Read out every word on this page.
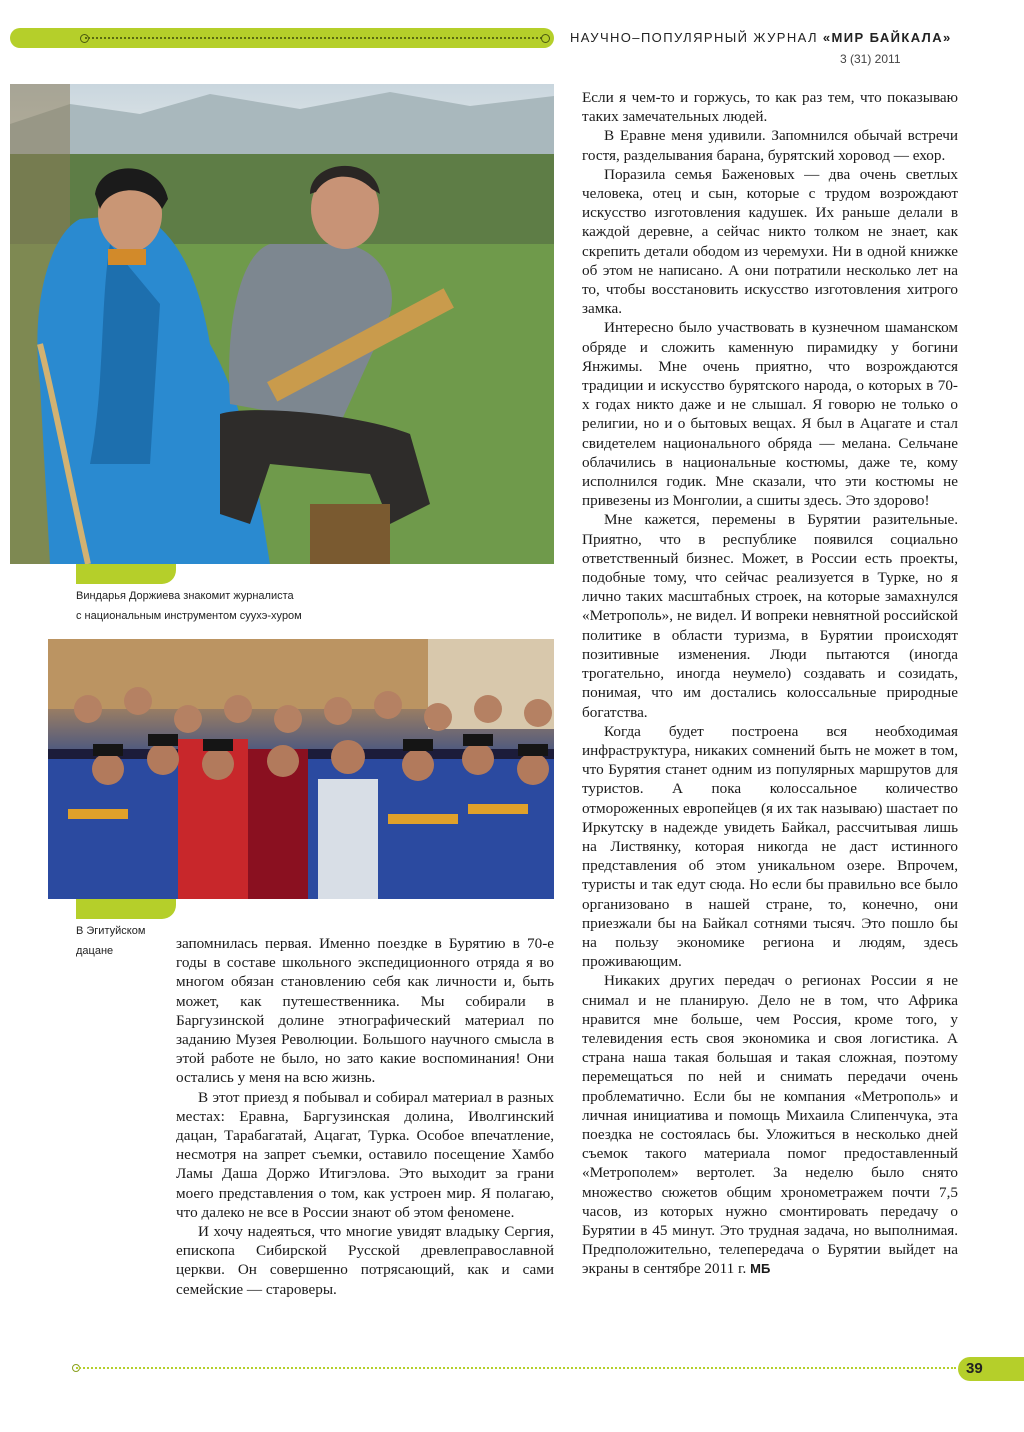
НАУЧНО–ПОПУЛЯРНЫЙ ЖУРНАЛ «МИР БАЙКАЛА»
3 (31) 2011
Виндарья Доржиева знакомит журналиста
с национальным инструментом суухэ-хуром
В Эгитуйском
дацане	запомнилась первая. Именно поездке в Бурятию в 70-е годы в составе школьного экспедиционного отряда я во многом обязан становлению себя как личности и, быть может, как путешественника. Мы собирали в Баргузинской долине этнографический материал по заданию Музея Революции. Большого научного смысла в этой работе не было, но зато какие воспоминания! Они остались у меня на всю жизнь.

В этот приезд я побывал и собирал материал в разных местах: Еравна, Баргузинская долина, Иволгинский дацан, Тарабагатай, Ацагат, Турка. Особое впечатление, несмотря на запрет съемки, оставило посещение Хамбо Ламы Даша Доржо Итигэлова. Это выходит за грани моего представления о том, как устроен мир. Я полагаю, что далеко не все в России знают об этом феномене.

И хочу надеяться, что многие увидят владыку Сергия, епископа Сибирской Русской древлеправославной церкви. Он совершенно потрясающий, как и сами семейские — староверы.

Если я чем-то и горжусь, то как раз тем, что показываю таких замечательных людей.

В Еравне меня удивили. Запомнился обычай встречи гостя, разделывания барана, бурятский хоровод — ехор.

Поразила семья Баженовых — два очень светлых человека, отец и сын, которые с трудом возрождают искусство изготовления кадушек. Их раньше делали в каждой деревне, а сейчас никто толком не знает, как скрепить детали ободом из черемухи. Ни в одной книжке об этом не написано. А они потратили несколько лет на то, чтобы восстановить искусство изготовления хитрого замка.

Интересно было участвовать в кузнечном шаманском обряде и сложить каменную пирамидку у богини Янжимы. Мне очень приятно, что возрождаются традиции и искусство бурятского народа, о которых в 70-х годах никто даже и не слышал. Я говорю не только о религии, но и о бытовых вещах. Я был в Ацагате и стал свидетелем национального обряда — мелана. Сельчане облачились в национальные костюмы, даже те, кому исполнился годик. Мне сказали, что эти костюмы не привезены из Монголии, а сшиты здесь. Это здорово!

Мне кажется, перемены в Бурятии разительные. Приятно, что в республике появился социально ответственный бизнес. Может, в России есть проекты, подобные тому, что сейчас реализуется в Турке, но я лично таких масштабных строек, на которые замахнулся «Метрополь», не видел. И вопреки невнятной российской политике в области туризма, в Бурятии происходят позитивные изменения. Люди пытаются (иногда трогательно, иногда неумело) создавать и созидать, понимая, что им достались колоссальные природные богатства.

Когда будет построена вся необходимая инфраструктура, никаких сомнений быть не может в том, что Бурятия станет одним из популярных маршрутов для туристов. А пока колоссальное количество отмороженных европейцев (я их так называю) шастает по Иркутску в надежде увидеть Байкал, рассчитывая лишь на Листвянку, которая никогда не даст истинного представления об этом уникальном озере. Впрочем, туристы и так едут сюда. Но если бы правильно все было организовано в нашей стране, то, конечно, они приезжали бы на Байкал сотнями тысяч. Это пошло бы на пользу экономике региона и людям, здесь проживающим.

Никаких других передач о регионах России я не снимал и не планирую. Дело не в том, что Африка нравится мне больше, чем Россия, кроме того, у телевидения есть своя экономика и своя логистика. А страна наша такая большая и такая сложная, поэтому перемещаться по ней и снимать передачи очень проблематично. Если бы не компания «Метрополь» и личная инициатива и помощь Михаила Слипенчука, эта поездка не состоялась бы. Уложиться в несколько дней съемок такого материала помог предоставленный «Метрополем» вертолет. За неделю было снято множество сюжетов общим хронометражем почти 7,5 часов, из которых нужно смонтировать передачу о Бурятии в 45 минут. Это трудная задача, но выполнимая. Предположительно, телепередача о Бурятии выйдет на экраны в сентябре 2011 г. МБ

39
